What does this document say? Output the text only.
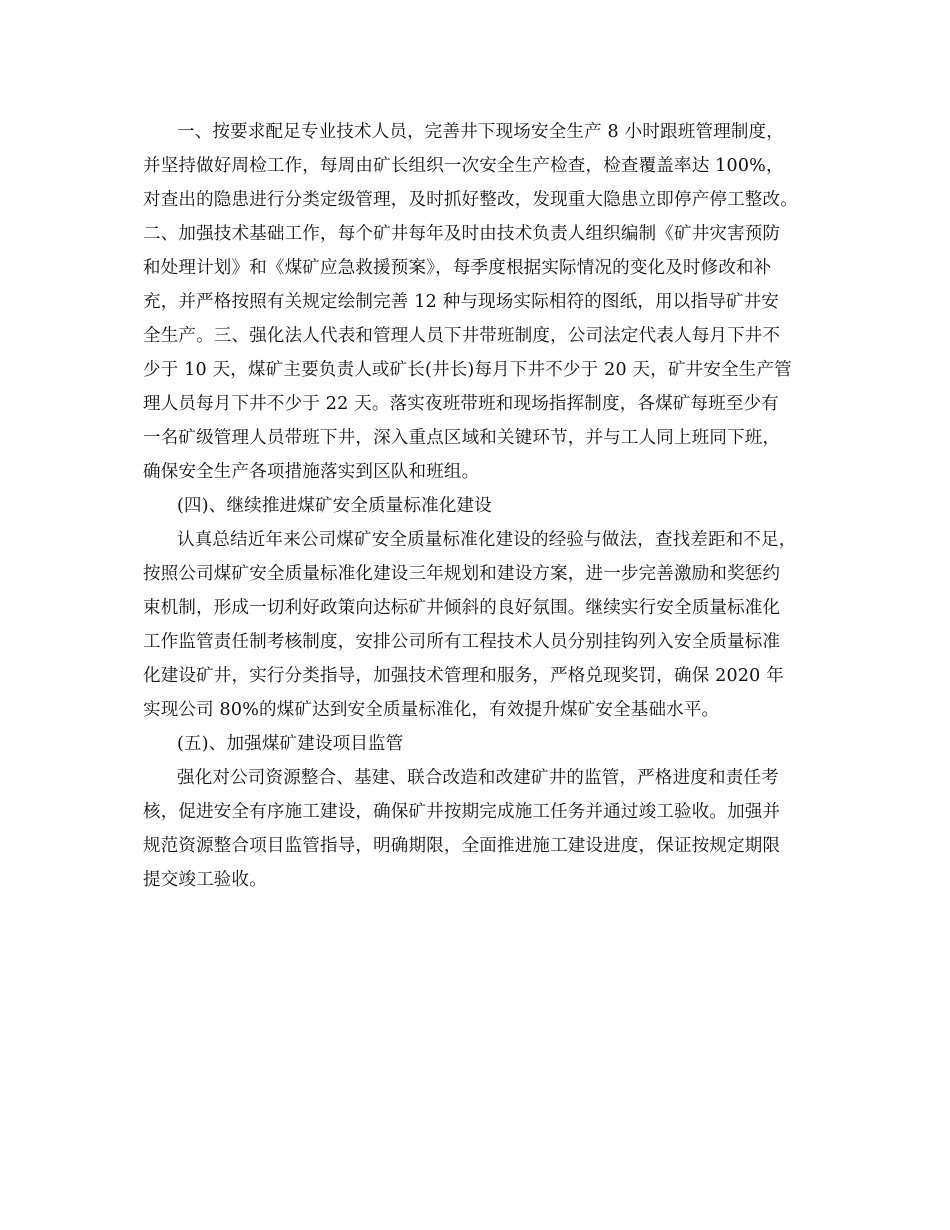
一、按要求配足专业技术人员，完善井下现场安全生产 8 小时跟班管理制度，
并坚持做好周检工作，每周由矿长组织一次安全生产检查，检查覆盖率达 100%，
对查出的隐患进行分类定级管理，及时抓好整改，发现重大隐患立即停产停工整改。
二、加强技术基础工作，每个矿井每年及时由技术负责人组织编制《矿井灾害预防
和处理计划》和《煤矿应急救援预案》，每季度根据实际情况的变化及时修改和补
充，并严格按照有关规定绘制完善 12 种与现场实际相符的图纸，用以指导矿井安
全生产。三、强化法人代表和管理人员下井带班制度，公司法定代表人每月下井不
少于 10 天，煤矿主要负责人或矿长(井长)每月下井不少于 20 天，矿井安全生产管
理人员每月下井不少于 22 天。落实夜班带班和现场指挥制度，各煤矿每班至少有
一名矿级管理人员带班下井，深入重点区域和关键环节，并与工人同上班同下班，
确保安全生产各项措施落实到区队和班组。
(四)、继续推进煤矿安全质量标准化建设
认真总结近年来公司煤矿安全质量标准化建设的经验与做法，查找差距和不足，
按照公司煤矿安全质量标准化建设三年规划和建设方案，进一步完善激励和奖惩约
束机制，形成一切利好政策向达标矿井倾斜的良好氛围。继续实行安全质量标准化
工作监管责任制考核制度，安排公司所有工程技术人员分别挂钩列入安全质量标准
化建设矿井，实行分类指导，加强技术管理和服务，严格兑现奖罚，确保 2020 年
实现公司 80%的煤矿达到安全质量标准化，有效提升煤矿安全基础水平。
(五)、加强煤矿建设项目监管
强化对公司资源整合、基建、联合改造和改建矿井的监管，严格进度和责任考
核，促进安全有序施工建设，确保矿井按期完成施工任务并通过竣工验收。加强并
规范资源整合项目监管指导，明确期限，全面推进施工建设进度，保证按规定期限
提交竣工验收。
